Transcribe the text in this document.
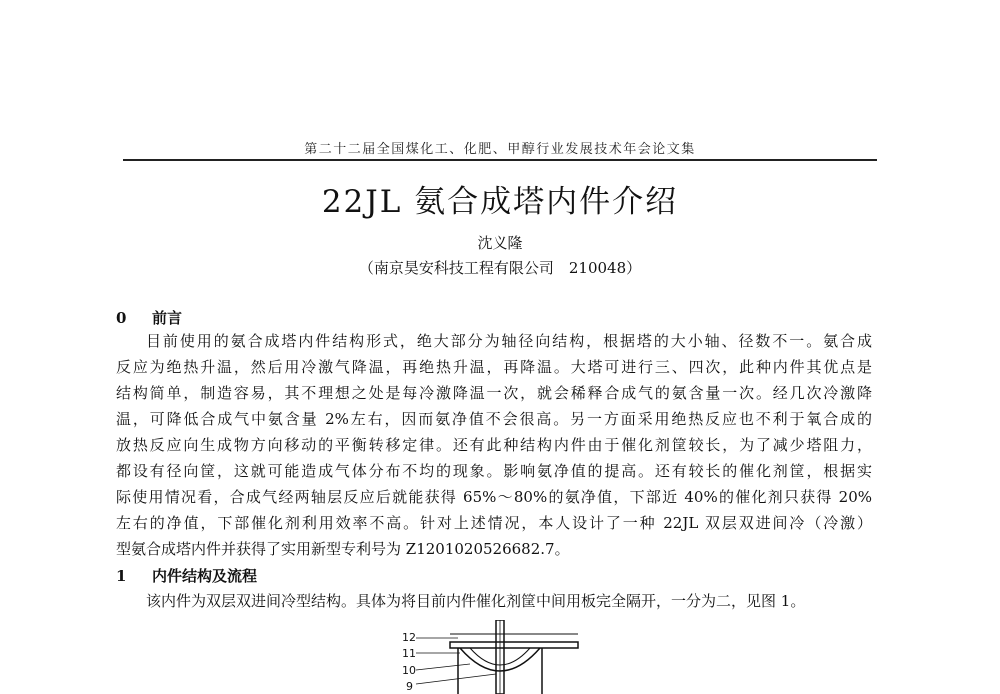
第二十二届全国煤化工、化肥、甲醇行业发展技术年会论文集
22JL 氨合成塔内件介绍
沈义隆
（南京昊安科技工程有限公司　210048）
0 前言
目前使用的氨合成塔内件结构形式，绝大部分为轴径向结构，根据塔的大小轴、径数不一。氨合成
反应为绝热升温，然后用冷激气降温，再绝热升温，再降温。大塔可进行三、四次，此种内件其优点是
结构简单，制造容易，其不理想之处是每冷激降温一次，就会稀释合成气的氨含量一次。经几次冷激降
温，可降低合成气中氨含量 2%左右，因而氨净值不会很高。另一方面采用绝热反应也不利于氧合成的
放热反应向生成物方向移动的平衡转移定律。还有此种结构内件由于催化剂筐较长，为了减少塔阻力，
都设有径向筐，这就可能造成气体分布不均的现象。影响氨净值的提高。还有较长的催化剂筐，根据实
际使用情况看，合成气经两轴层反应后就能获得 65%～80%的氨净值，下部近 40%的催化剂只获得 20%
左右的净值，下部催化剂利用效率不高。针对上述情况，本人设计了一种 22JL 双层双进间冷（冷激）
型氨合成塔内件并获得了实用新型专利号为 Z1201020526682.7。
1 内件结构及流程
该内件为双层双进间冷型结构。具体为将目前内件催化剂筐中间用板完全隔开，一分为二，见图 1。
12
11
10
9
